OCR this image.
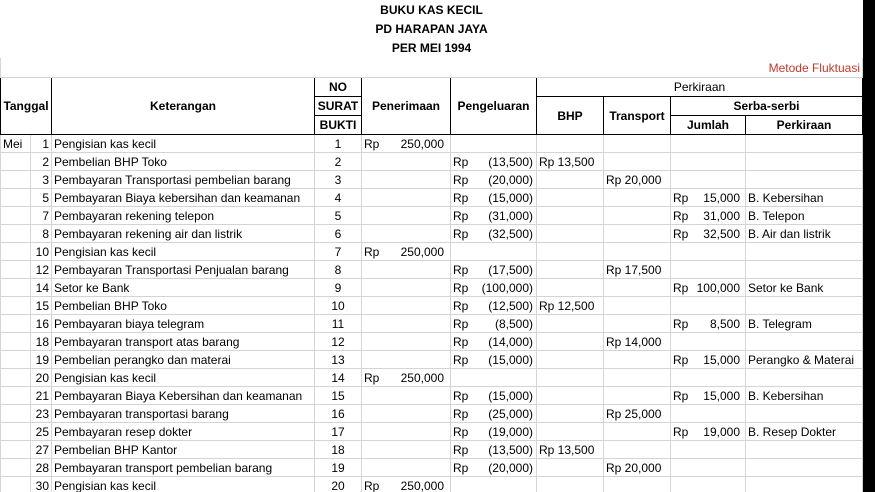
BUKU KAS KECIL									
PD HARAPAN JAYA									
PER MEI 1994									
Metode Fluktuasi									
Tanggal		Keterangan	NO	Penerimaan	Pengeluaran	Perkiraan			
			SURAT			BHP	Transport	Serba-serbi	
			BUKTI					Jumlah	Perkiraan
Mei	1	Pengisian kas kecil	1	Rp 250,000					
	2	Pembelian BHP Toko	2		Rp (13,500)	Rp 13,500			
	3	Pembayaran Transportasi pembelian barang	3		Rp (20,000)		Rp 20,000		
	5	Pembayaran Biaya kebersihan dan keamanan	4		Rp (15,000)			Rp 15,000	B. Kebersihan
	7	Pembayaran rekening telepon	5		Rp (31,000)			Rp 31,000	B. Telepon
	8	Pembayaran rekening air dan listrik	6		Rp (32,500)			Rp 32,500	B. Air dan listrik
	10	Pengisian kas kecil	7	Rp 250,000					
	12	Pembayaran Transportasi Penjualan barang	8		Rp (17,500)		Rp 17,500		
	14	Setor ke Bank	9		Rp (100,000)			Rp 100,000	Setor ke Bank
	15	Pembelian BHP Toko	10		Rp (12,500)	Rp 12,500			
	16	Pembayaran biaya telegram	11		Rp (8,500)			Rp 8,500	B. Telegram
	18	Pembayaran transport atas barang	12		Rp (14,000)		Rp 14,000		
	19	Pembelian perangko dan materai	13		Rp (15,000)			Rp 15,000	Perangko & Materai
	20	Pengisian kas kecil	14	Rp 250,000					
	21	Pembayaran Biaya Kebersihan dan keamanan	15		Rp (15,000)			Rp 15,000	B. Kebersihan
	23	Pembayaran transportasi barang	16		Rp (25,000)		Rp 25,000		
	25	Pembayaran resep dokter	17		Rp (19,000)			Rp 19,000	B. Resep Dokter
	27	Pembelian BHP Kantor	18		Rp (13,500)	Rp 13,500			
	28	Pembayaran transport pembelian barang	19		Rp (20,000)		Rp 20,000		
	30	Pengisian kas kecil	20	Rp 250,000					
